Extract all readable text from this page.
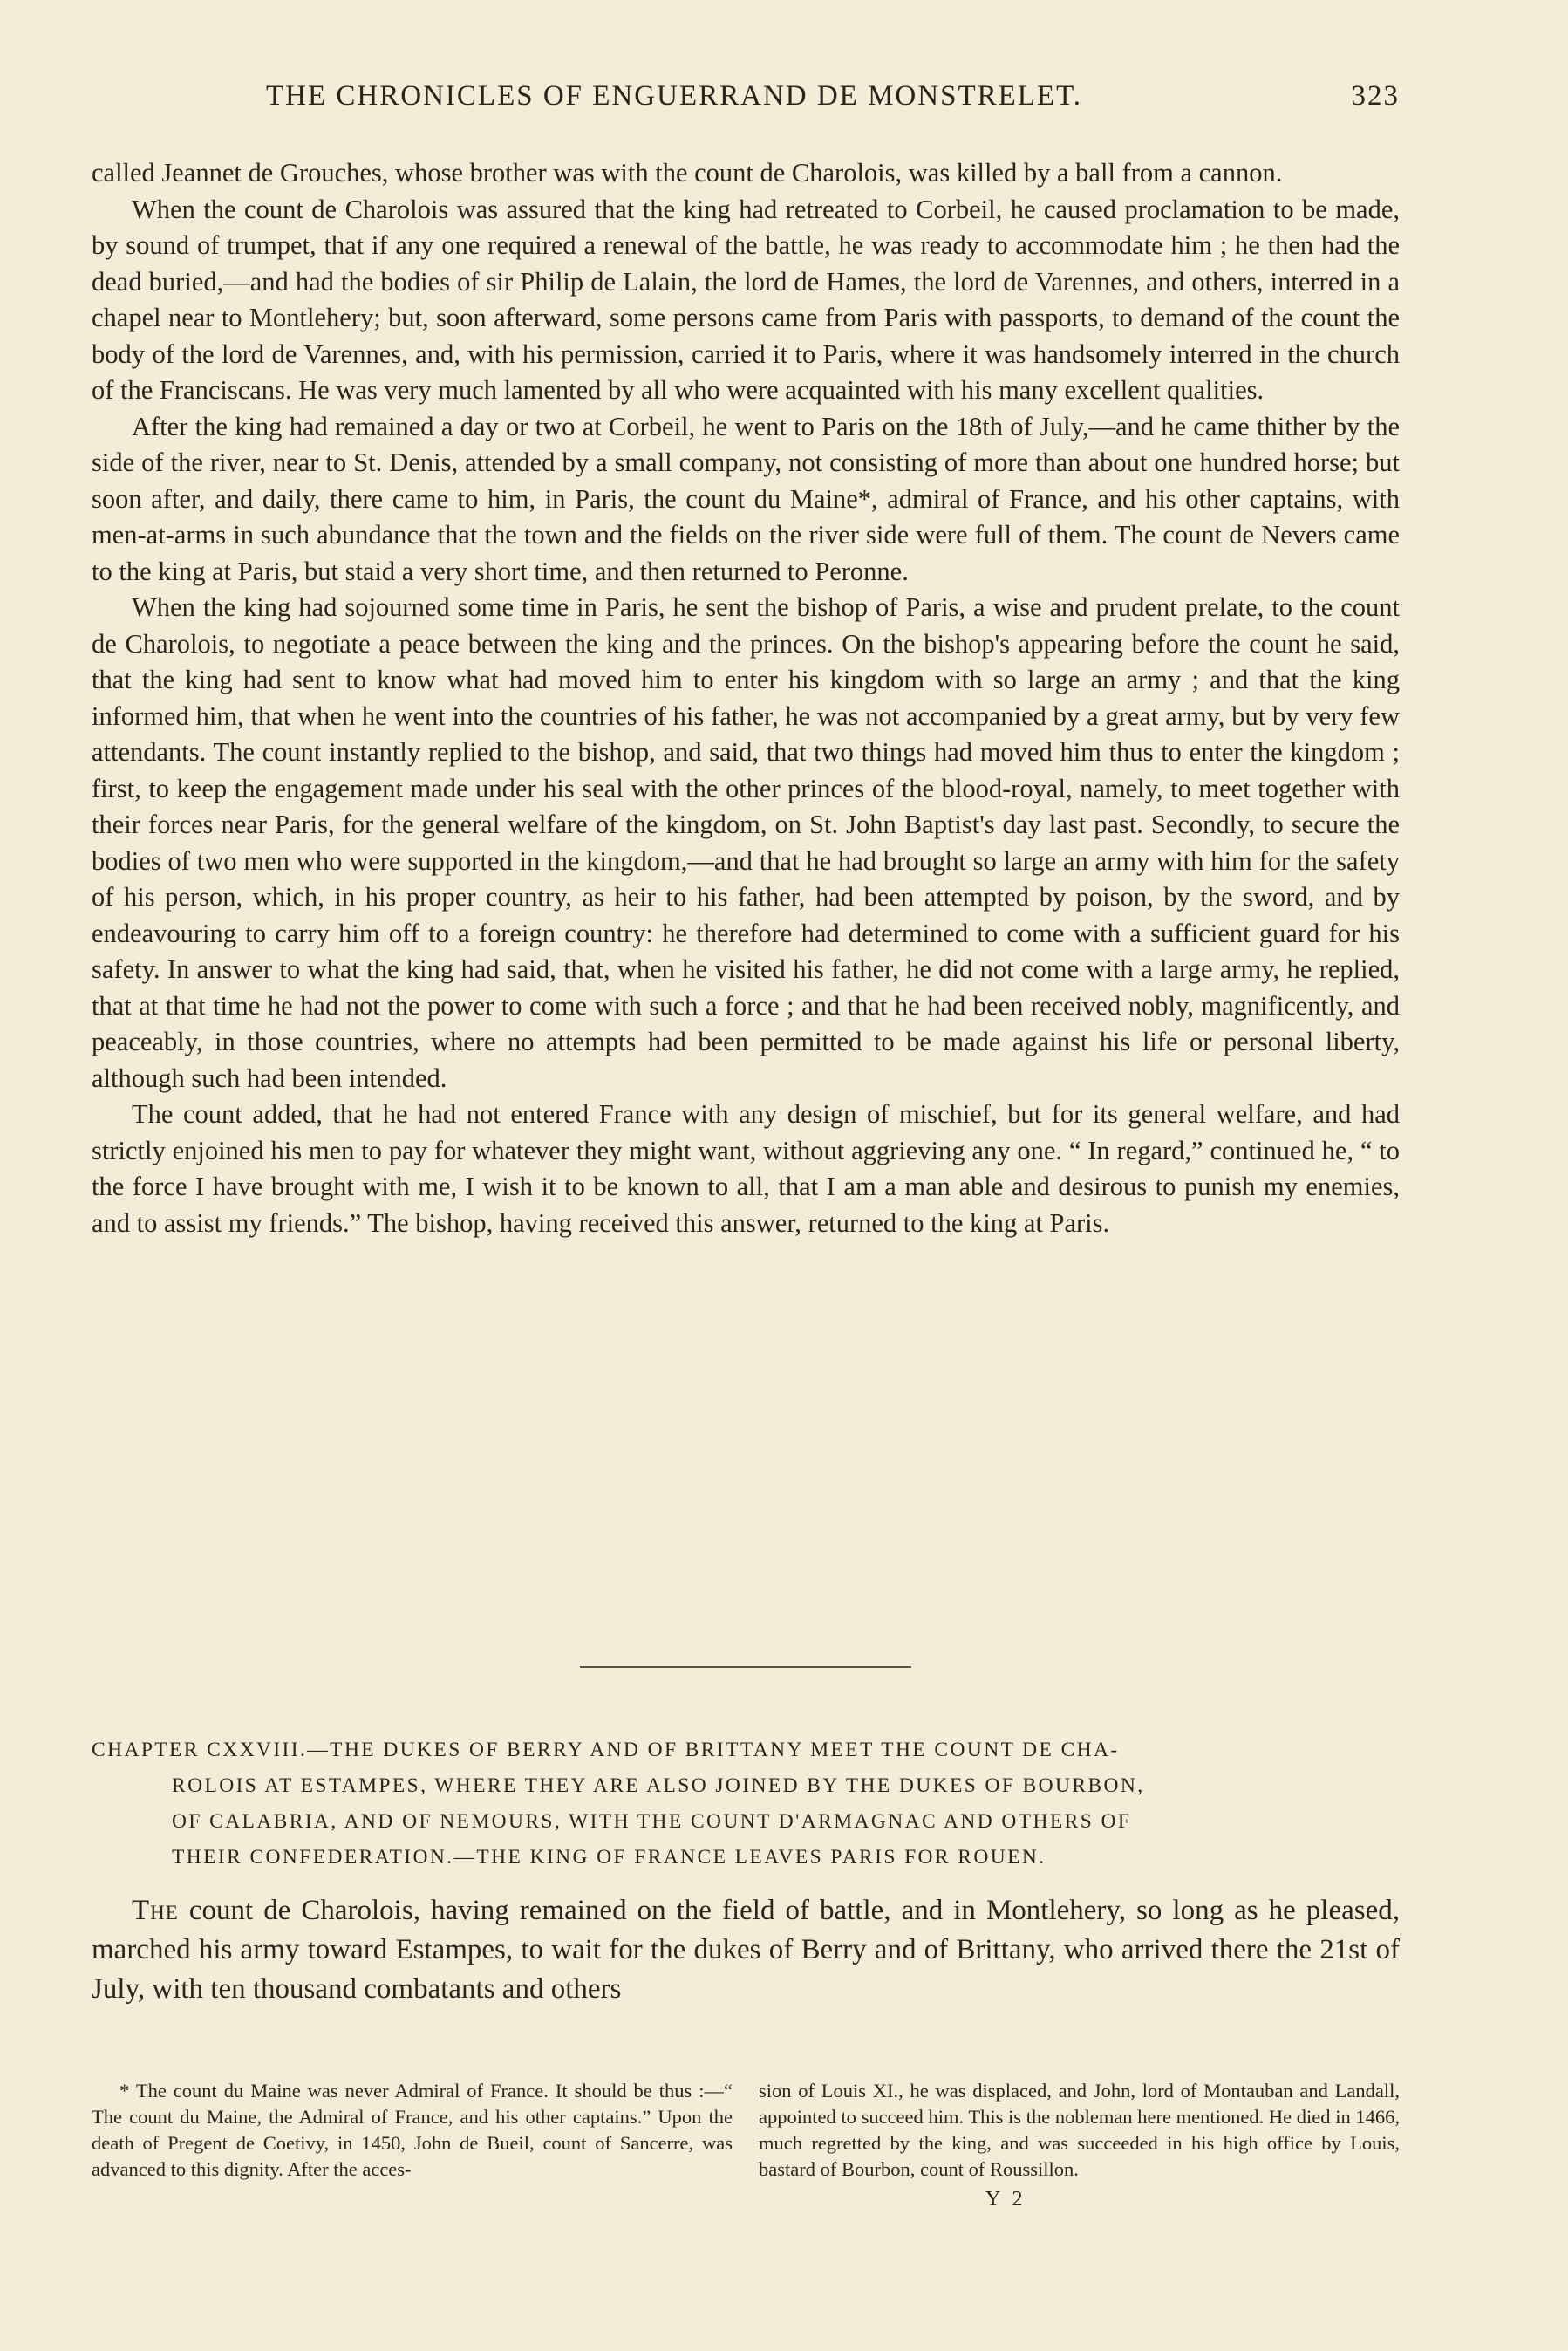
THE CHRONICLES OF ENGUERRAND DE MONSTRELET.	323

called Jeannet de Grouches, whose brother was with the count de Charolois, was killed by a ball from a cannon.

When the count de Charolois was assured that the king had retreated to Corbeil, he caused proclamation to be made, by sound of trumpet, that if any one required a renewal of the battle, he was ready to accommodate him ; he then had the dead buried,—and had the bodies of sir Philip de Lalain, the lord de Hames, the lord de Varennes, and others, interred in a chapel near to Montlehery; but, soon afterward, some persons came from Paris with passports, to demand of the count the body of the lord de Varennes, and, with his permission, carried it to Paris, where it was handsomely interred in the church of the Franciscans. He was very much lamented by all who were acquainted with his many excellent qualities.

After the king had remained a day or two at Corbeil, he went to Paris on the 18th of July,—and he came thither by the side of the river, near to St. Denis, attended by a small company, not consisting of more than about one hundred horse; but soon after, and daily, there came to him, in Paris, the count du Maine*, admiral of France, and his other captains, with men-at-arms in such abundance that the town and the fields on the river side were full of them. The count de Nevers came to the king at Paris, but staid a very short time, and then returned to Peronne.

When the king had sojourned some time in Paris, he sent the bishop of Paris, a wise and prudent prelate, to the count de Charolois, to negotiate a peace between the king and the princes. On the bishop's appearing before the count he said, that the king had sent to know what had moved him to enter his kingdom with so large an army ; and that the king informed him, that when he went into the countries of his father, he was not accompanied by a great army, but by very few attendants. The count instantly replied to the bishop, and said, that two things had moved him thus to enter the kingdom ; first, to keep the engagement made under his seal with the other princes of the blood-royal, namely, to meet together with their forces near Paris, for the general welfare of the kingdom, on St. John Baptist's day last past. Secondly, to secure the bodies of two men who were supported in the kingdom,—and that he had brought so large an army with him for the safety of his person, which, in his proper country, as heir to his father, had been attempted by poison, by the sword, and by endeavouring to carry him off to a foreign country: he therefore had determined to come with a sufficient guard for his safety. In answer to what the king had said, that, when he visited his father, he did not come with a large army, he replied, that at that time he had not the power to come with such a force ; and that he had been received nobly, magnificently, and peaceably, in those countries, where no attempts had been permitted to be made against his life or personal liberty, although such had been intended.

The count added, that he had not entered France with any design of mischief, but for its general welfare, and had strictly enjoined his men to pay for whatever they might want, without aggrieving any one. “ In regard,” continued he, “ to the force I have brought with me, I wish it to be known to all, that I am a man able and desirous to punish my enemies, and to assist my friends.” The bishop, having received this answer, returned to the king at Paris.

CHAPTER CXXVIII.—THE DUKES OF BERRY AND OF BRITTANY MEET THE COUNT DE CHA-
ROLOIS AT ESTAMPES, WHERE THEY ARE ALSO JOINED BY THE DUKES OF BOURBON,
OF CALABRIA, AND OF NEMOURS, WITH THE COUNT D'ARMAGNAC AND OTHERS OF
THEIR CONFEDERATION.—THE KING OF FRANCE LEAVES PARIS FOR ROUEN.

The count de Charolois, having remained on the field of battle, and in Montlehery, so long as he pleased, marched his army toward Estampes, to wait for the dukes of Berry and of Brittany, who arrived there the 21st of July, with ten thousand combatants and others

* The count du Maine was never Admiral of France. It should be thus :—“ The count du Maine, the Admiral of France, and his other captains.” Upon the death of Pregent de Coetivy, in 1450, John de Bueil, count of Sancerre, was advanced to this dignity. After the acces-

sion of Louis XI., he was displaced, and John, lord of Montauban and Landall, appointed to succeed him. This is the nobleman here mentioned. He died in 1466, much regretted by the king, and was succeeded in his high office by Louis, bastard of Bourbon, count of Roussillon.

Y 2
